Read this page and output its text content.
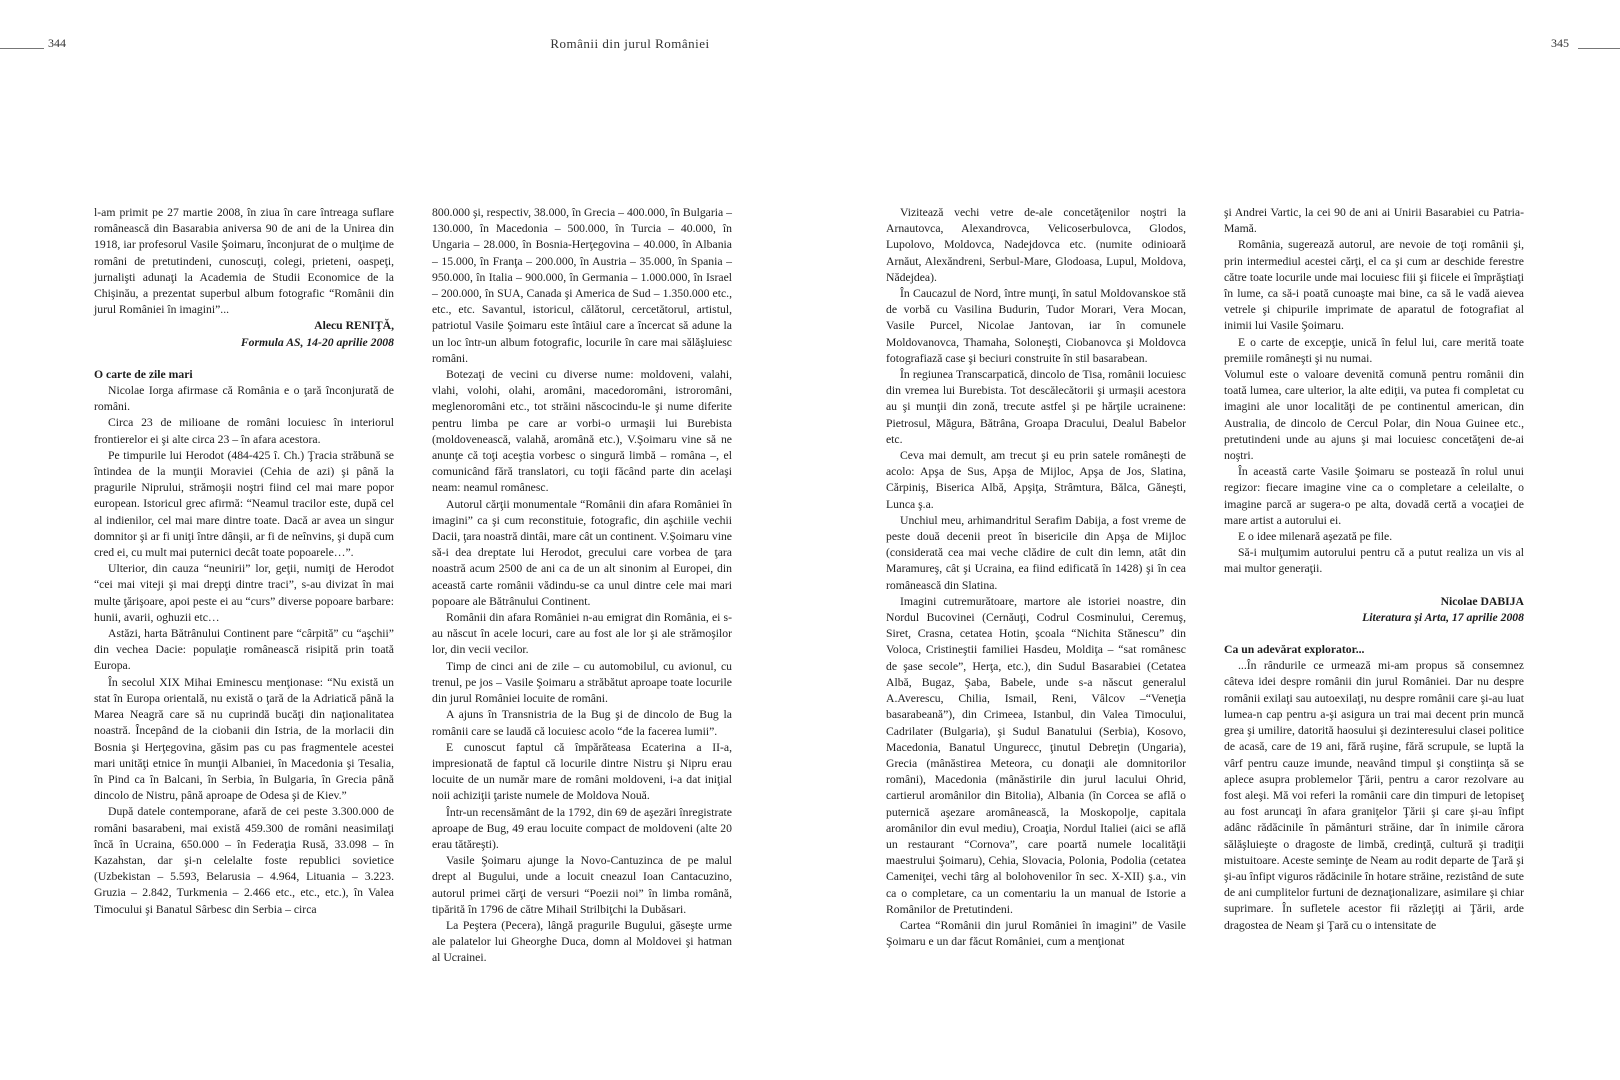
344	Românii din jurul României	345

l-am primit pe 27 martie 2008, în ziua în care întreaga suflare românească din Basarabia aniversa 90 de ani de la Unirea din 1918, iar profesorul Vasile Şoimaru, înconjurat de o mulţime de români de pretutindeni, cunoscuţi, colegi, prieteni, oaspeţi, jurnalişti adunaţi la Academia de Studii Economice de la Chişinău, a prezentat superbul album fotografic “Românii din jurul României în imagini”...

Alecu RENIŢĂ,

Formula AS, 14-20 aprilie 2008

O carte de zile mari

Nicolae Iorga afirmase că România e o ţară înconjurată de români.

Circa 23 de milioane de români locuiesc în interiorul frontierelor ei şi alte circa 23 – în afara acestora.

Pe timpurile lui Herodot (484-425 î. Ch.) Ţracia străbună se întindea de la munţii Moraviei (Cehia de azi) şi până la pragurile Niprului, strămoşii noştri fiind cel mai mare popor european. Istoricul grec afirmă: “Neamul tracilor este, după cel al indienilor, cel mai mare dintre toate. Dacă ar avea un singur domnitor şi ar fi uniţi între dânşii, ar fi de neînvins, şi după cum cred ei, cu mult mai puternici decât toate popoarele…”.

Ulterior, din cauza “neunirii” lor, geţii, numiţi de Herodot “cei mai viteji şi mai drepţi dintre traci”, s-au divizat în mai multe ţărişoare, apoi peste ei au “curs” diverse popoare barbare: hunii, avarii, oghuzii etc…

Astăzi, harta Bătrânului Continent pare “cârpită” cu “aşchii” din vechea Dacie: populaţie românească risipită prin toată Europa.

În secolul XIX Mihai Eminescu menţionase: “Nu există un stat în Europa orientală, nu există o ţară de la Adriatică până la Marea Neagră care să nu cuprindă bucăţi din naţionalitatea noastră. Începând de la ciobanii din Istria, de la morlacii din Bosnia şi Herţegovina, găsim pas cu pas fragmentele acestei mari unităţi etnice în munţii Albaniei, în Macedonia şi Tesalia, în Pind ca în Balcani, în Serbia, în Bulgaria, în Grecia până dincolo de Nistru, până aproape de Odesa şi de Kiev.”

După datele contemporane, afară de cei peste 3.300.000 de români basarabeni, mai există 459.300 de români neasimilaţi încă în Ucraina, 650.000 – în Federaţia Rusă, 33.098 – în Kazahstan, dar şi-n celelalte foste republici sovietice (Uzbekistan – 5.593, Belarusia – 4.964, Lituania – 3.223. Gruzia – 2.842, Turkmenia – 2.466 etc., etc., etc.), în Valea Timocului şi Banatul Sârbesc din Serbia – circa

800.000 şi, respectiv, 38.000, în Grecia – 400.000, în Bulgaria – 130.000, în Macedonia – 500.000, în Turcia – 40.000, în Ungaria – 28.000, în Bosnia-Herţegovina – 40.000, în Albania – 15.000, în Franţa – 200.000, în Austria – 35.000, în Spania – 950.000, în Italia – 900.000, în Germania – 1.000.000, în Israel – 200.000, în SUA, Canada şi America de Sud – 1.350.000 etc., etc., etc. Savantul, istoricul, călătorul, cercetătorul, artistul, patriotul Vasile Şoimaru este întâiul care a încercat să adune la un loc într-un album fotografic, locurile în care mai sălăşluiesc români.

Botezaţi de vecini cu diverse nume: moldoveni, valahi, vlahi, volohi, olahi, aromâni, macedoromâni, istroromâni, meglenoromâni etc., tot străini născocindu-le şi nume diferite pentru limba pe care ar vorbi-o urmaşii lui Burebista (moldovenească, valahă, aromână etc.), V.Şoimaru vine să ne anunţe că toţi aceştia vorbesc o singură limbă – româna –, el comunicând fără translatori, cu toţii făcând parte din acelaşi neam: neamul românesc.

Autorul cărţii monumentale “Românii din afara României în imagini” ca şi cum reconstituie, fotografic, din aşchiile vechii Dacii, ţara noastră dintâi, mare cât un continent. V.Şoimaru vine să-i dea dreptate lui Herodot, grecului care vorbea de ţara noastră acum 2500 de ani ca de un alt sinonim al Europei, din această carte românii vădindu-se ca unul dintre cele mai mari popoare ale Bătrânului Continent.

Românii din afara României n-au emigrat din România, ei s-au născut în acele locuri, care au fost ale lor şi ale strămoşilor lor, din vecii vecilor.

Timp de cinci ani de zile – cu automobilul, cu avionul, cu trenul, pe jos – Vasile Şoimaru a străbătut aproape toate locurile din jurul României locuite de români.

A ajuns în Transnistria de la Bug şi de dincolo de Bug la românii care se laudă că locuiesc acolo “de la facerea lumii”.

E cunoscut faptul că împărăteasa Ecaterina a II-a, impresionată de faptul că locurile dintre Nistru şi Nipru erau locuite de un număr mare de români moldoveni, i-a dat iniţial noii achiziţii ţariste numele de Moldova Nouă.

Într-un recensământ de la 1792, din 69 de aşezări înregistrate aproape de Bug, 49 erau locuite compact de moldoveni (alte 20 erau tătăreşti).

Vasile Şoimaru ajunge la Novo-Cantuzinca de pe malul drept al Bugului, unde a locuit cneazul Ioan Cantacuzino, autorul primei cărţi de versuri “Poezii noi” în limba română, tipărită în 1796 de către Mihail Strilbiţchi la Dubăsari.

La Peştera (Pecera), lângă pragurile Bugului, găseşte urme ale palatelor lui Gheorghe Duca, domn al Moldovei şi hatman al Ucrainei.

Vizitează vechi vetre de-ale concetăţenilor noştri la Arnautovca, Alexandrovca, Velicoserbulovca, Glodos, Lupolovo, Moldovca, Nadejdovca etc. (numite odinioară Arnăut, Alexăndreni, Serbul-Mare, Glodoasa, Lupul, Moldova, Nădejdea).

În Caucazul de Nord, între munţi, în satul Moldovanskoe stă de vorbă cu Vasilina Budurin, Tudor Morari, Vera Mocan, Vasile Purcel, Nicolae Jantovan, iar în comunele Moldovanovca, Thamaha, Soloneşti, Ciobanovca şi Moldovca fotografiază case şi beciuri construite în stil basarabean.

În regiunea Transcarpatică, dincolo de Tisa, românii locuiesc din vremea lui Burebista. Tot descălecătorii şi urmaşii acestora au şi munţii din zonă, trecute astfel şi pe hărţile ucrainene: Pietrosul, Măgura, Bătrâna, Groapa Dracului, Dealul Babelor etc.

Ceva mai demult, am trecut şi eu prin satele româneşti de acolo: Apşa de Sus, Apşa de Mijloc, Apşa de Jos, Slatina, Cărpiniş, Biserica Albă, Apşiţa, Strâmtura, Bălca, Găneşti, Lunca ş.a.

Unchiul meu, arhimandritul Serafim Dabija, a fost vreme de peste două decenii preot în bisericile din Apşa de Mijloc (considerată cea mai veche clădire de cult din lemn, atât din Maramureş, cât şi Ucraina, ea fiind edificată în 1428) şi în cea românească din Slatina.

Imagini cutremurătoare, martore ale istoriei noastre, din Nordul Bucovinei (Cernăuţi, Codrul Cosminului, Ceremuş, Siret, Crasna, cetatea Hotin, şcoala “Nichita Stănescu” din Voloca, Cristineştii familiei Hasdeu, Moldiţa – “sat românesc de şase secole”, Herţa, etc.), din Sudul Basarabiei (Cetatea Albă, Bugaz, Şaba, Babele, unde s-a născut generalul A.Averescu, Chilia, Ismail, Reni, Vâlcov –“Veneţia basarabeană”), din Crimeea, Istanbul, din Valea Timocului, Cadrilater (Bulgaria), şi Sudul Banatului (Serbia), Kosovo, Macedonia, Banatul Ungurecc, ţinutul Debreţin (Ungaria), Grecia (mânăstirea Meteora, cu donaţii ale domnitorilor români), Macedonia (mânăstirile din jurul lacului Ohrid, cartierul aromânilor din Bitolia), Albania (în Corcea se află o puternică aşezare aromânească, la Moskopolje, capitala aromânilor din evul mediu), Croaţia, Nordul Italiei (aici se află un restaurant “Cornova”, care poartă numele localităţii maestrului Şoimaru), Cehia, Slovacia, Polonia, Podolia (cetatea Cameniţei, vechi târg al bolohovenilor în sec. X-XII) ş.a., vin ca o completare, ca un comentariu la un manual de Istorie a Românilor de Pretutindeni.

Cartea “Românii din jurul României în imagini” de Vasile Şoimaru e un dar făcut României, cum a menţionat

şi Andrei Vartic, la cei 90 de ani ai Unirii Basarabiei cu Patria-Mamă.

România, sugerează autorul, are nevoie de toţi românii şi, prin intermediul acestei cărţi, el ca şi cum ar deschide ferestre către toate locurile unde mai locuiesc fiii şi fiicele ei împrăştiaţi în lume, ca să-i poată cunoaşte mai bine, ca să le vadă aievea vetrele şi chipurile imprimate de aparatul de fotografiat al inimii lui Vasile Şoimaru.

E o carte de excepţie, unică în felul lui, care merită toate premiile româneşti şi nu numai.

Volumul este o valoare devenită comună pentru românii din toată lumea, care ulterior, la alte ediţii, va putea fi completat cu imagini ale unor localităţi de pe continentul american, din Australia, de dincolo de Cercul Polar, din Noua Guinee etc., pretutindeni unde au ajuns şi mai locuiesc concetăţeni de-ai noştri.

În această carte Vasile Şoimaru se postează în rolul unui regizor: fiecare imagine vine ca o completare a celeilalte, o imagine parcă ar sugera-o pe alta, dovadă certă a vocaţiei de mare artist a autorului ei.

E o idee milenară aşezată pe file.

Să-i mulţumim autorului pentru că a putut realiza un vis al mai multor generaţii.

Nicolae DABIJA

Literatura şi Arta, 17 aprilie 2008

Ca un adevărat explorator...

...În rândurile ce urmează mi-am propus să consemnez câteva idei despre românii din jurul României. Dar nu despre românii exilaţi sau autoexilaţi, nu despre românii care şi-au luat lumea-n cap pentru a-şi asigura un trai mai decent prin muncă grea şi umilire, datorită haosului şi dezinteresului clasei politice de acasă, care de 19 ani, fără ruşine, fără scrupule, se luptă la vârf pentru cauze imunde, neavând timpul şi conştiinţa să se aplece asupra problemelor Ţării, pentru a caror rezolvare au fost aleşi. Mă voi referi la românii care din timpuri de letopiseţ au fost aruncaţi în afara graniţelor Ţării şi care şi-au înfipt adânc rădăcinile în pământuri străine, dar în inimile cărora sălăşluieşte o dragoste de limbă, credinţă, cultură şi tradiţii mistuitoare. Aceste seminţe de Neam au rodit departe de Ţară şi şi-au înfipt viguros rădăcinile în hotare străine, rezistând de sute de ani cumplitelor furtuni de deznaţionalizare, asimilare şi chiar suprimare. În sufletele acestor fii răzleţiţi ai Ţării, arde dragostea de Neam şi Ţară cu o intensitate de
